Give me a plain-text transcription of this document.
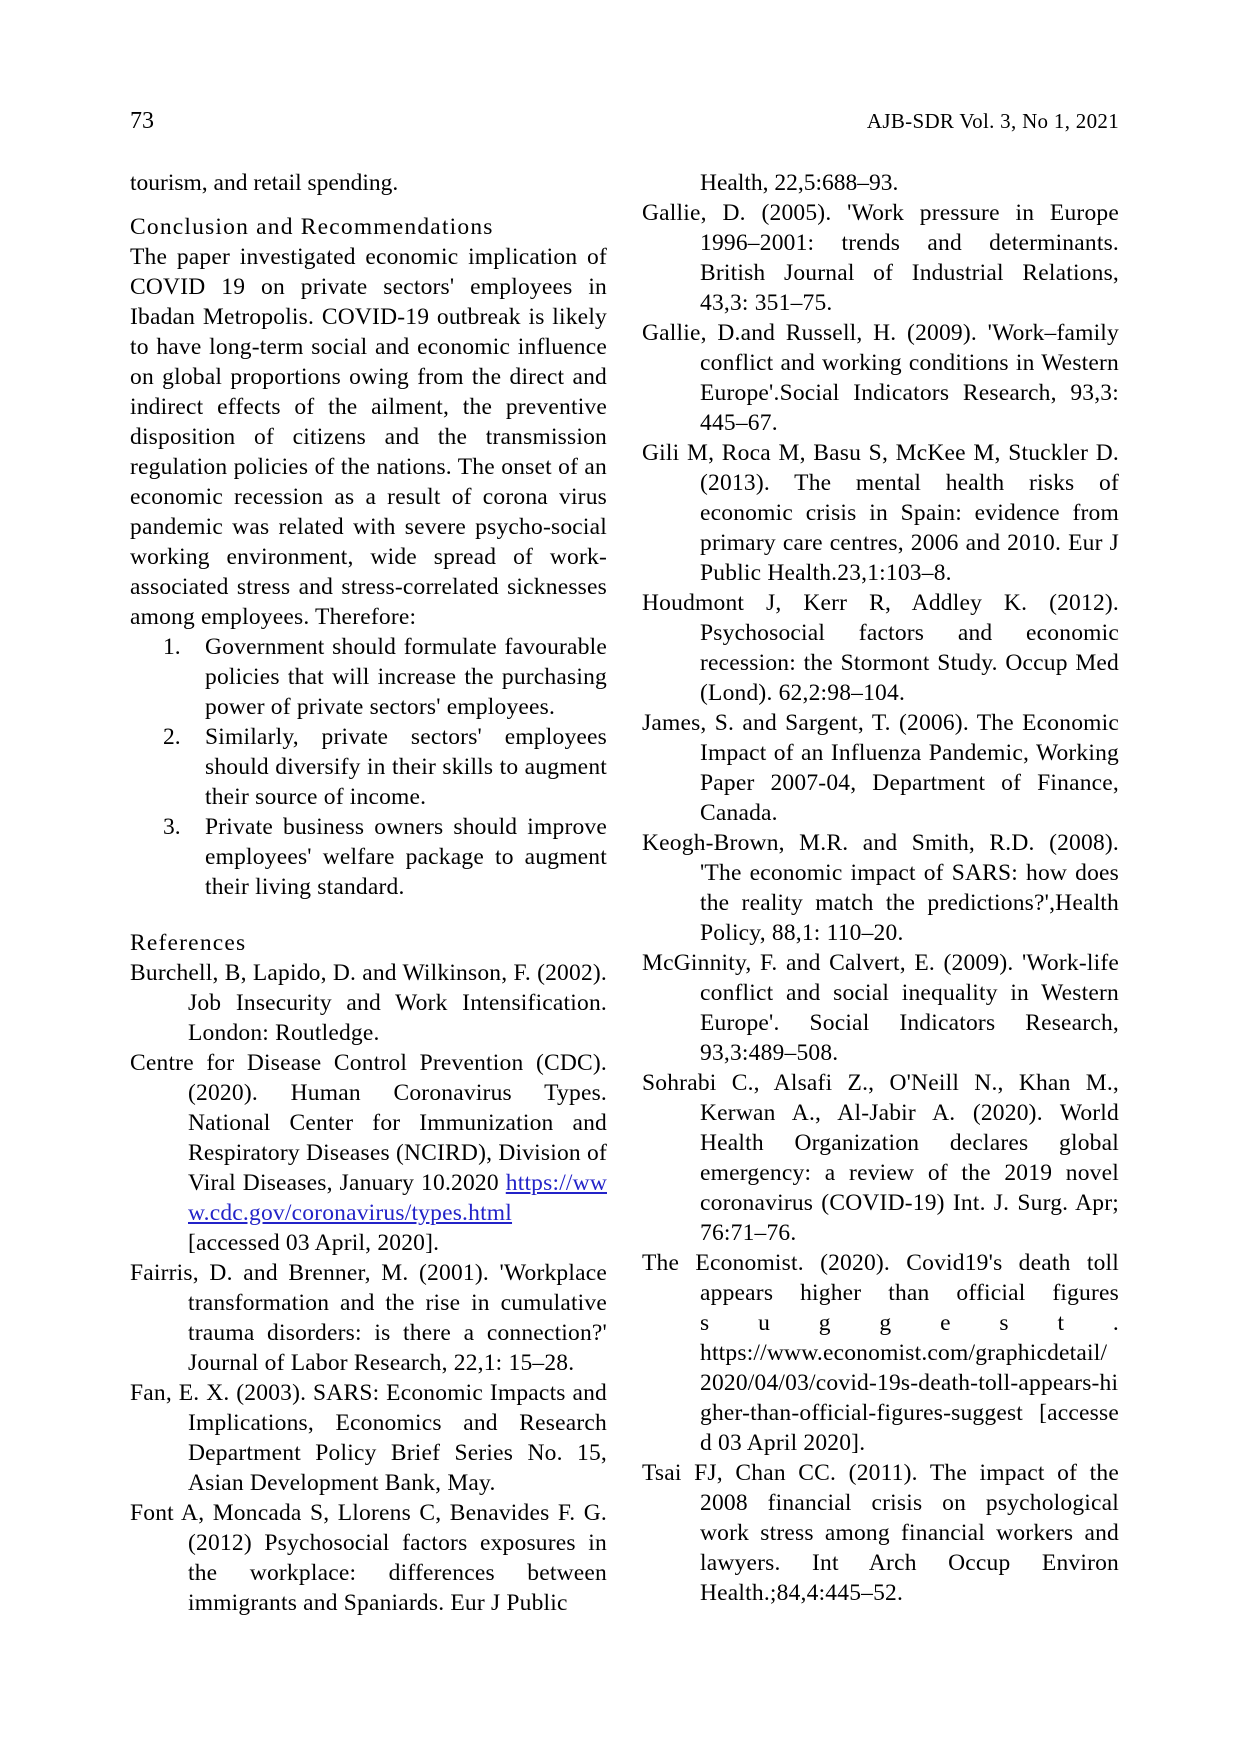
73	AJB-SDR Vol. 3, No 1, 2021
tourism, and retail spending.
Conclusion and Recommendations
The paper investigated economic implication of COVID 19 on private sectors' employees in Ibadan Metropolis. COVID-19 outbreak is likely to have long-term social and economic influence on global proportions owing from the direct and indirect effects of the ailment, the preventive disposition of citizens and the transmission regulation policies of the nations. The onset of an economic recession as a result of corona virus pandemic was related with severe psycho-social working environment, wide spread of work-associated stress and stress-correlated sicknesses among employees. Therefore:
1.	Government should formulate favourable policies that will increase the purchasing power of private sectors' employees.
2.	Similarly, private sectors' employees should diversify in their skills to augment their source of income.
3.	Private business owners should improve employees' welfare package to augment their living standard.
References
Burchell, B, Lapido, D. and Wilkinson, F. (2002). Job Insecurity and Work Intensification. London: Routledge.
Centre for Disease Control Prevention (CDC). (2020). Human Coronavirus Types. National Center for Immunization and Respiratory Diseases (NCIRD), Division of Viral Diseases, January 10.2020 https://www.cdc.gov/coronavirus/types.html [accessed 03 April, 2020].
Fairris, D. and Brenner, M. (2001). 'Workplace transformation and the rise in cumulative trauma disorders: is there a connection?' Journal of Labor Research, 22,1: 15–28.
Fan, E. X. (2003). SARS: Economic Impacts and Implications, Economics and Research Department Policy Brief Series No. 15, Asian Development Bank, May.
Font A, Moncada S, Llorens C, Benavides F. G. (2012) Psychosocial factors exposures in the workplace: differences between immigrants and Spaniards. Eur J Public
Health, 22,5:688–93.
Gallie, D. (2005). 'Work pressure in Europe 1996–2001: trends and determinants. British Journal of Industrial Relations, 43,3: 351–75.
Gallie, D.and Russell, H. (2009). 'Work–family conflict and working conditions in Western Europe'.Social Indicators Research, 93,3: 445–67.
Gili M, Roca M, Basu S, McKee M, Stuckler D. (2013). The mental health risks of economic crisis in Spain: evidence from primary care centres, 2006 and 2010. Eur J Public Health.23,1:103–8.
Houdmont J, Kerr R, Addley K. (2012). Psychosocial factors and economic recession: the Stormont Study. Occup Med (Lond). 62,2:98–104.
James, S. and Sargent, T. (2006). The Economic Impact of an Influenza Pandemic, Working Paper 2007-04, Department of Finance, Canada.
Keogh-Brown, M.R. and Smith, R.D. (2008). 'The economic impact of SARS: how does the reality match the predictions?',Health Policy, 88,1: 110–20.
McGinnity, F. and Calvert, E. (2009). 'Work-life conflict and social inequality in Western Europe'. Social Indicators Research, 93,3:489–508.
Sohrabi C., Alsafi Z., O'Neill N., Khan M., Kerwan A., Al-Jabir A. (2020). World Health Organization declares global emergency: a review of the 2019 novel coronavirus (COVID-19) Int. J. Surg. Apr; 76:71–76.
The Economist. (2020). Covid19's death toll appears higher than official figures
s u g g e s t .
https://www.economist.com/graphicdetail/2020/04/03/covid-19s-death-toll-appears-higher-than-official-figures-suggest [accessed 03 April 2020].
Tsai FJ, Chan CC. (2011). The impact of the 2008 financial crisis on psychological work stress among financial workers and lawyers. Int Arch Occup Environ Health.;84,4:445–52.
